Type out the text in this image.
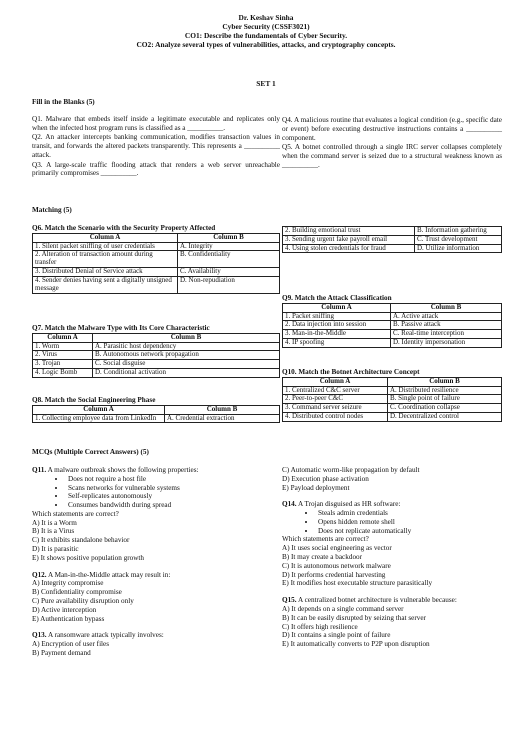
Dr. Keshav Sinha
Cyber Security (CSSF3021)
CO1: Describe the fundamentals of Cyber Security.
CO2: Analyze several types of vulnerabilities, attacks, and cryptography concepts.
SET 1

Fill in the Blanks (5)

Q1. Malware that embeds itself inside a legitimate executable and replicates only when the infected host program runs is classified as a __________.

Q2. An attacker intercepts banking communication, modifies transaction values in transit, and forwards the altered packets transparently. This represents a __________ attack.

Q3. A large-scale traffic flooding attack that renders a web server unreachable primarily compromises __________.

Q4. A malicious routine that evaluates a logical condition (e.g., specific date or event) before executing destructive instructions contains a __________ component.

Q5. A botnet controlled through a single IRC server collapses completely when the command server is seized due to a structural weakness known as __________.

Matching (5)

Q6. Match the Scenario with the Security Property Affected

Column A	Column B
1. Silent packet sniffing of user credentials	A. Integrity
2. Alteration of transaction amount during transfer	B. Confidentiality
3. Distributed Denial of Service attack	C. Availability
4. Sender denies having sent a digitally unsigned message	D. Non-repudiation

Q7. Match the Malware Type with Its Core Characteristic

Column A	Column B
1. Worm	A. Parasitic host dependency
2. Virus	B. Autonomous network propagation
3. Trojan	C. Social disguise
4. Logic Bomb	D. Conditional activation

Q8. Match the Social Engineering Phase

Column A	Column B
1. Collecting employee data from LinkedIn	A. Credential extraction
2. Building emotional trust	B. Information gathering
3. Sending urgent fake payroll email	C. Trust development
4. Using stolen credentials for fraud	D. Utilize information

Q9. Match the Attack Classification

Column A	Column B
1. Packet sniffing	A. Active attack
2. Data injection into session	B. Passive attack
3. Man-in-the-Middle	C. Real-time interception
4. IP spoofing	D. Identity impersonation

Q10. Match the Botnet Architecture Concept

Column A	Column B
1. Centralized C&C server	A. Distributed resilience
2. Peer-to-peer C&C	B. Single point of failure
3. Command server seizure	C. Coordination collapse
4. Distributed control nodes	D. Decentralized control

MCQs (Multiple Correct Answers) (5)

Q11. A malware outbreak shows the following properties:

• Does not require a host file
• Scans networks for vulnerable systems
• Self-replicates autonomously
• Consumes bandwidth during spread

Which statements are correct?

A) It is a Worm

B) It is a Virus

C) It exhibits standalone behavior

D) It is parasitic

E) It shows positive population growth

Q12. A Man-in-the-Middle attack may result in:

A) Integrity compromise

B) Confidentiality compromise

C) Pure availability disruption only

D) Active interception

E) Authentication bypass

Q13. A ransomware attack typically involves:

A) Encryption of user files

B) Payment demand

C) Automatic worm-like propagation by default

D) Execution phase activation

E) Payload deployment

Q14. A Trojan disguised as HR software:

• Steals admin credentials
• Opens hidden remote shell
• Does not replicate automatically

Which statements are correct?

A) It uses social engineering as vector

B) It may create a backdoor

C) It is autonomous network malware

D) It performs credential harvesting

E) It modifies host executable structure parasitically

Q15. A centralized botnet architecture is vulnerable because:

A) It depends on a single command server

B) It can be easily disrupted by seizing that server

C) It offers high resilience

D) It contains a single point of failure

E) It automatically converts to P2P upon disruption
